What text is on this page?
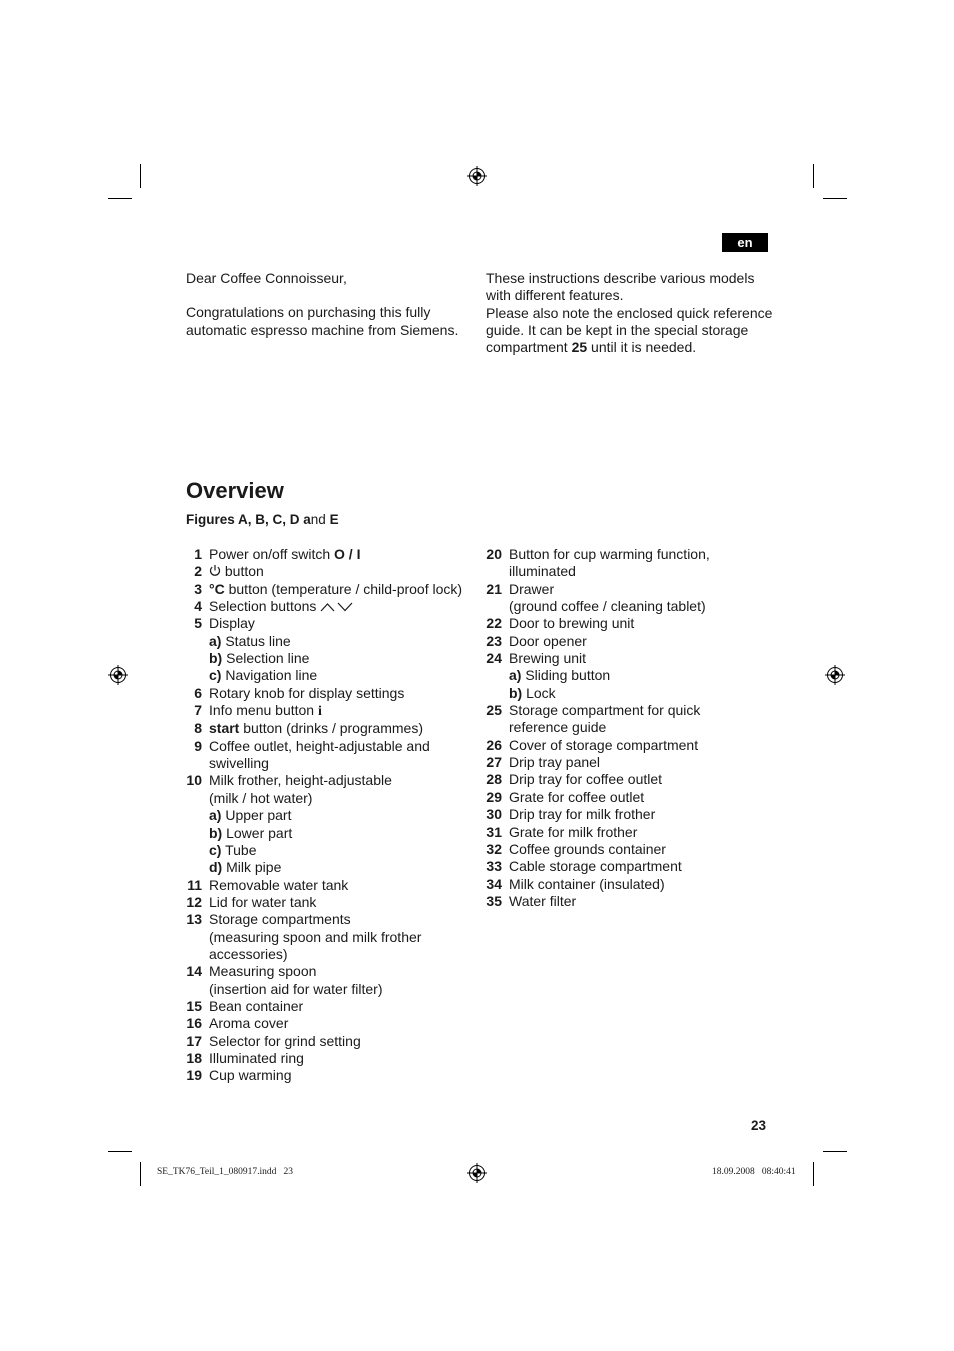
en

Dear Coffee Connoisseur,

Congratulations on purchasing this fully automatic espresso machine from Siemens.

These instructions describe various models with different features.

Please also note the enclosed quick reference guide. It can be kept in the special storage compartment 25 until it is needed.

Overview
Figures A, B, C, D and E
1 Power on/off switch O / I
2	button
3 °C button (temperature / child-proof lock)
4 Selection buttons
5 Display
a) Status line
b) Selection line
c) Navigation line
6 Rotary knob for display settings
7 Info menu button i
8 start button (drinks / programmes)
9 Coffee outlet, height-adjustable and
swivelling
10 Milk frother, height-adjustable
(milk / hot water)
a) Upper part
b) Lower part
c) Tube
d) Milk pipe
11 Removable water tank
12 Lid for water tank
13 Storage compartments
(measuring spoon and milk frother
accessories)
14 Measuring spoon
(insertion aid for water filter)
15 Bean container
16 Aroma cover
17 Selector for grind setting
18 Illuminated ring
19 Cup warming
20 Button for cup warming function,
illuminated
21 Drawer
(ground coffee / cleaning tablet)
22 Door to brewing unit
23 Door opener
24 Brewing unit
a) Sliding button
b) Lock
25 Storage compartment for quick
reference guide
26 Cover of storage compartment
27 Drip tray panel
28 Drip tray for coffee outlet
29 Grate for coffee outlet
30 Drip tray for milk frother
31 Grate for milk frother
32 Coffee grounds container
33 Cable storage compartment
34 Milk container (insulated)
35 Water filter
23
SE_TK76_Teil_1_080917.indd   23	18.09.2008   08:40:41
